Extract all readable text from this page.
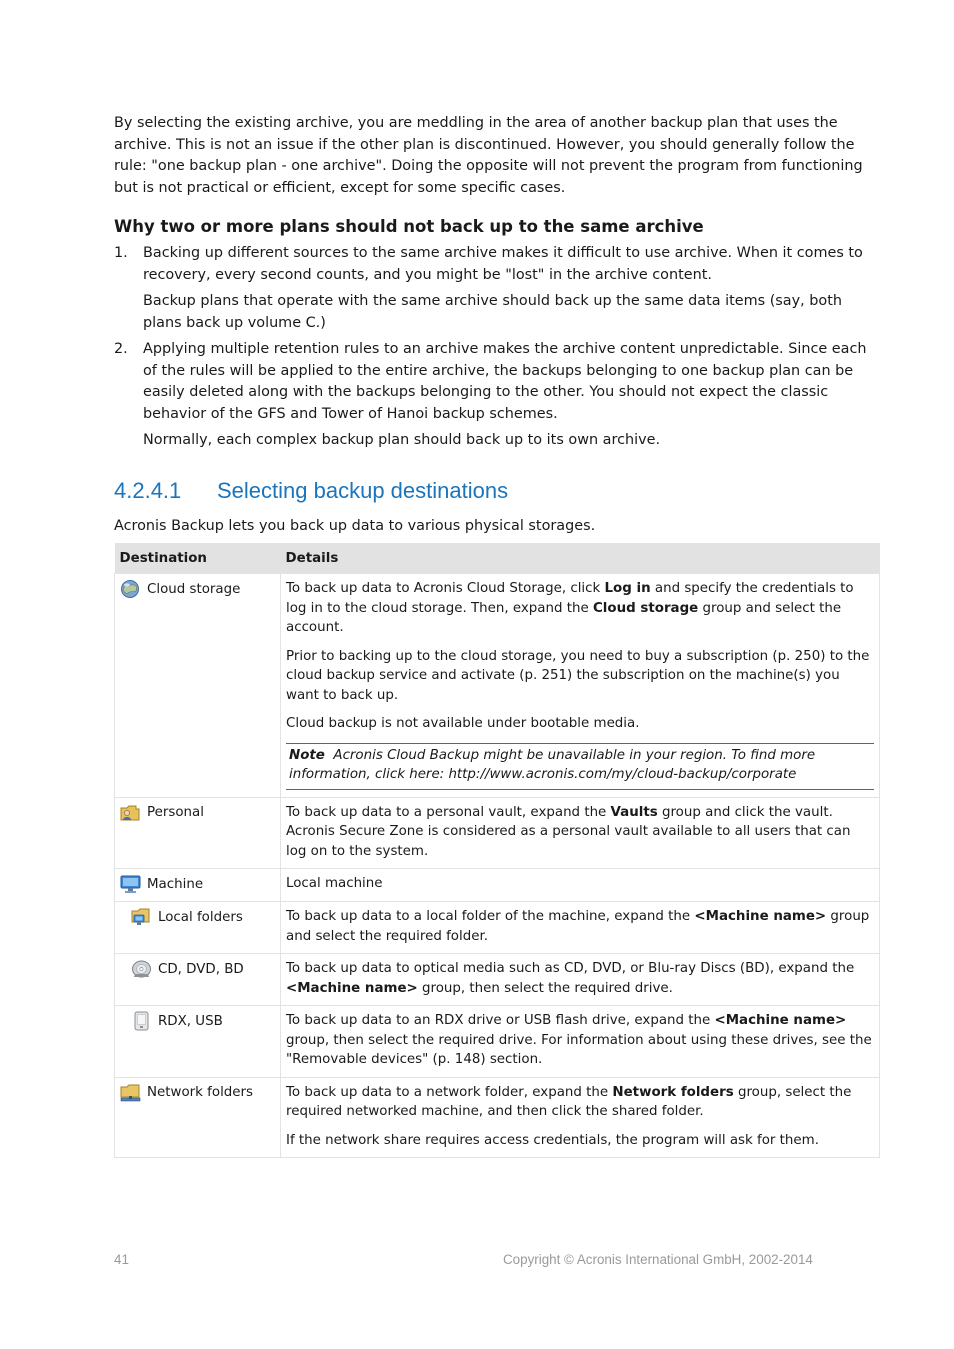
By selecting the existing archive, you are meddling in the area of another backup plan that uses the archive. This is not an issue if the other plan is discontinued. However, you should generally follow the rule: "one backup plan - one archive". Doing the opposite will not prevent the program from functioning but is not practical or efficient, except for some specific cases.

Why two or more plans should not back up to the same archive
1. Backing up different sources to the same archive makes it difficult to use archive. When it comes to recovery, every second counts, and you might be "lost" in the archive content.

Backup plans that operate with the same archive should back up the same data items (say, both plans back up volume C.)

2. Applying multiple retention rules to an archive makes the archive content unpredictable. Since each of the rules will be applied to the entire archive, the backups belonging to one backup plan can be easily deleted along with the backups belonging to the other. You should not expect the classic behavior of the GFS and Tower of Hanoi backup schemes.

Normally, each complex backup plan should back up to its own archive.

4.2.4.1 Selecting backup destinations

Acronis Backup lets you back up data to various physical storages.

Destination	Details

Cloud storage	To back up data to Acronis Cloud Storage, click Log in and specify the credentials to log in to the cloud storage. Then, expand the Cloud storage group and select the account.

Prior to backing up to the cloud storage, you need to buy a subscription (p. 250) to the cloud backup service and activate (p. 251) the subscription on the machine(s) you want to back up.

Cloud backup is not available under bootable media.

Note Acronis Cloud Backup might be unavailable in your region. To find more information, click here: http://www.acronis.com/my/cloud-backup/corporate

Personal	To back up data to a personal vault, expand the Vaults group and click the vault.
Acronis Secure Zone is considered as a personal vault available to all users that can log on to the system.

Machine	Local machine

Local folders	To back up data to a local folder of the machine, expand the <Machine name> group and select the required folder.

CD, DVD, BD	To back up data to optical media such as CD, DVD, or Blu-ray Discs (BD), expand the <Machine name> group, then select the required drive.

RDX, USB	To back up data to an RDX drive or USB flash drive, expand the <Machine name> group, then select the required drive. For information about using these drives, see the "Removable devices" (p. 148) section.

Network folders	To back up data to a network folder, expand the Network folders group, select the required networked machine, and then click the shared folder.

If the network share requires access credentials, the program will ask for them.

41	Copyright © Acronis International GmbH, 2002-2014
